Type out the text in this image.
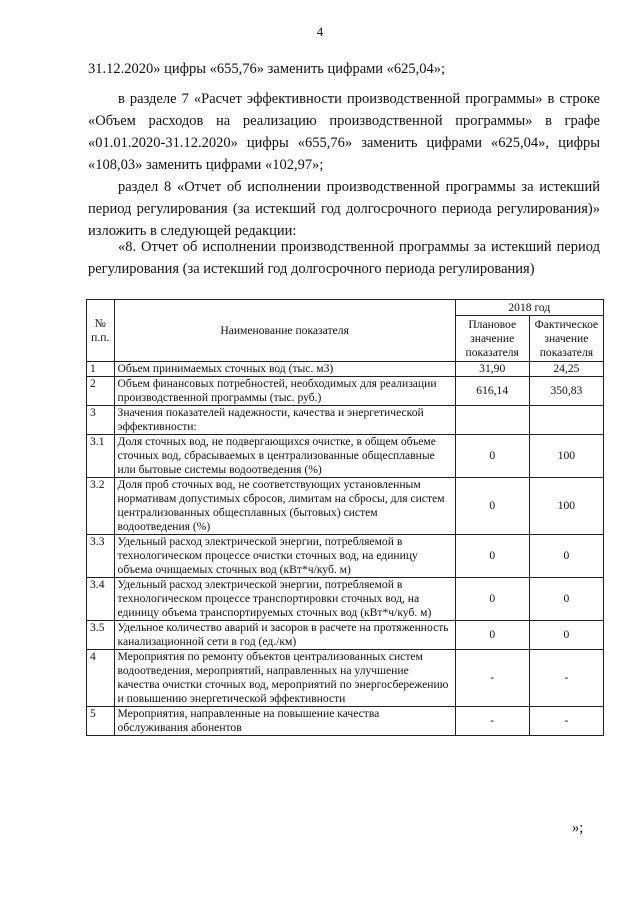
4
31.12.2020» цифры «655,76» заменить цифрами «625,04»;
в разделе 7 «Расчет эффективности производственной программы» в строке «Объем расходов на реализацию производственной программы» в графе «01.01.2020-31.12.2020» цифры «655,76» заменить цифрами «625,04», цифры «108,03» заменить цифрами «102,97»;
раздел 8 «Отчет об исполнении производственной программы за истекший период регулирования (за истекший год долгосрочного периода регулирования)» изложить в следующей редакции:
«8. Отчет об исполнении производственной программы за истекший период регулирования (за истекший год долгосрочного периода регулирования)
№ п.п.	Наименование показателя	2018 год	
		Плановое значение показателя	Фактическое значение показателя
1	Объем принимаемых сточных вод (тыс. м3)	31,90	24,25
2	Объем финансовых потребностей, необходимых для реализации производственной программы (тыс. руб.)	616,14	350,83
3	Значения показателей надежности, качества и энергетической эффективности:		
3.1	Доля сточных вод, не подвергающихся очистке, в общем объеме сточных вод, сбрасываемых в централизованные общесплавные или бытовые системы водоотведения (%)	0	100
3.2	Доля проб сточных вод, не соответствующих установленным нормативам допустимых сбросов, лимитам на сбросы, для систем централизованных общесплавных (бытовых) систем водоотведения (%)	0	100
3.3	Удельный расход электрической энергии, потребляемой в технологическом процессе очистки сточных вод, на единицу объема очищаемых сточных вод (кВт*ч/куб. м)	0	0
3.4	Удельный расход электрической энергии, потребляемой в технологическом процессе транспортировки сточных вод, на единицу объема транспортируемых сточных вод (кВт*ч/куб. м)	0	0
3.5	Удельное количество аварий и засоров в расчете на протяженность канализационной сети в год (ед./км)	0	0
4	Мероприятия по ремонту объектов централизованных систем водоотведения, мероприятий, направленных на улучшение качества очистки сточных вод, мероприятий по энергосбережению и повышению энергетической эффективности	-	-
5	Мероприятия, направленные на повышение качества обслуживания абонентов	-	-
»;
